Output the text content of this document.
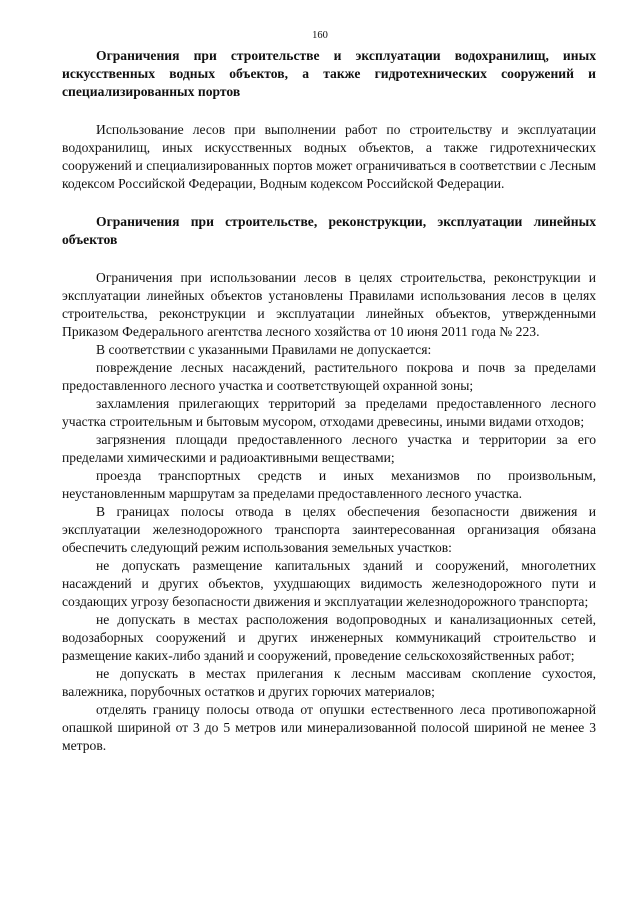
160

Ограничения при строительстве и эксплуатации водохранилищ, иных искусственных водных объектов, а также гидротехнических сооружений и специализированных портов

Использование лесов при выполнении работ по строительству и эксплуатации водохранилищ, иных искусственных водных объектов, а также гидротехнических сооружений и специализированных портов может ограничиваться в соответствии с Лесным кодексом Российской Федерации, Водным кодексом Российской Федерации.

Ограничения при строительстве, реконструкции, эксплуатации линейных объектов

Ограничения при использовании лесов в целях строительства, реконструкции и эксплуатации линейных объектов установлены Правилами использования лесов в целях строительства, реконструкции и эксплуатации линейных объектов, утвержденными Приказом Федерального агентства лесного хозяйства от 10 июня 2011 года № 223.

В соответствии с указанными Правилами не допускается:

повреждение лесных насаждений, растительного покрова и почв за пределами предоставленного лесного участка и соответствующей охранной зоны;

захламления прилегающих территорий за пределами предоставленного лесного участка строительным и бытовым мусором, отходами древесины, иными видами отходов;

загрязнения площади предоставленного лесного участка и территории за его пределами химическими и радиоактивными веществами;

проезда транспортных средств и иных механизмов по произвольным, неустановленным маршрутам за пределами предоставленного лесного участка.

В границах полосы отвода в целях обеспечения безопасности движения и эксплуатации железнодорожного транспорта заинтересованная организация обязана обеспечить следующий режим использования земельных участков:

не допускать размещение капитальных зданий и сооружений, многолетних насаждений и других объектов, ухудшающих видимость железнодорожного пути и создающих угрозу безопасности движения и эксплуатации железнодорожного транспорта;

не допускать в местах расположения водопроводных и канализационных сетей, водозаборных сооружений и других инженерных коммуникаций строительство и размещение каких-либо зданий и сооружений, проведение сельскохозяйственных работ;

не допускать в местах прилегания к лесным массивам скопление сухостоя, валежника, порубочных остатков и других горючих материалов;

отделять границу полосы отвода от опушки естественного леса противопожарной опашкой шириной от 3 до 5 метров или минерализованной полосой шириной не менее 3 метров.
